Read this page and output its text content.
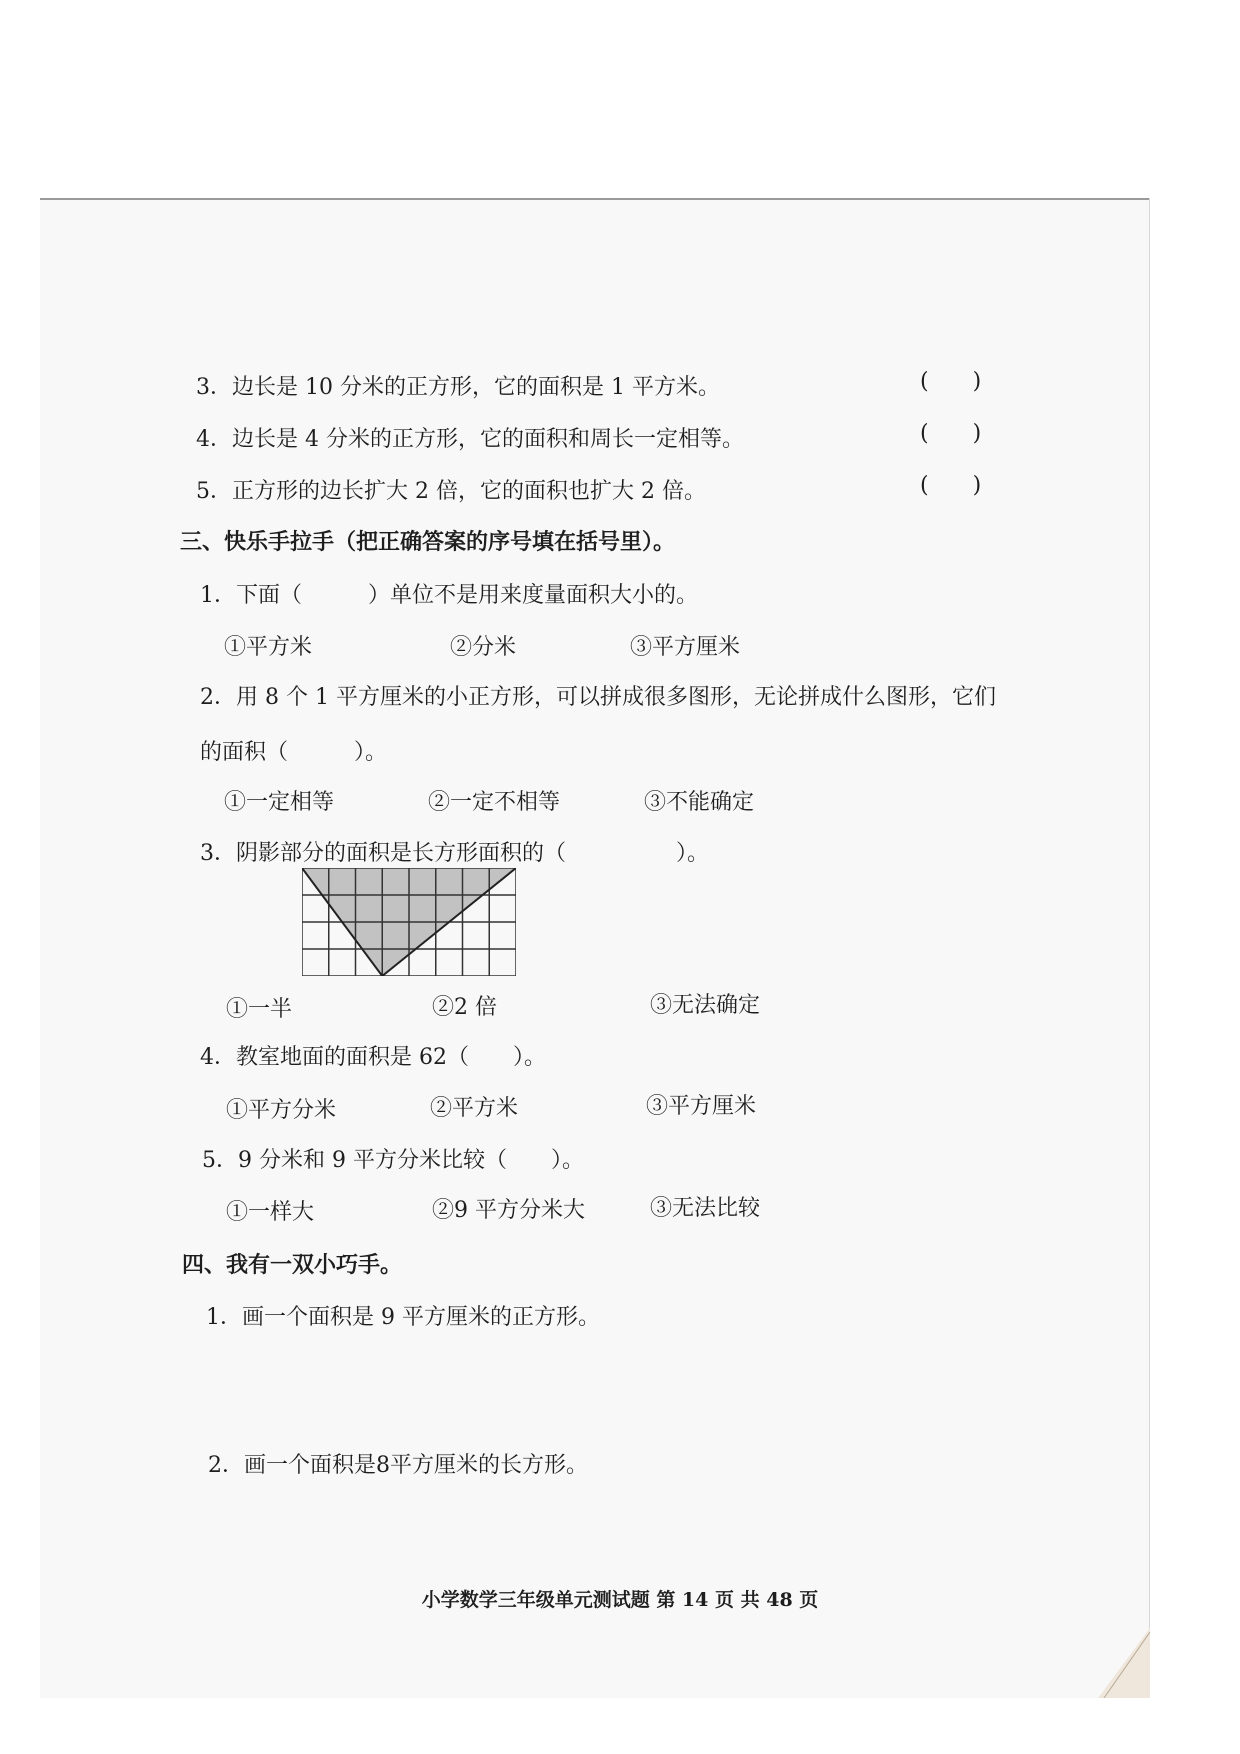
3．边长是 10 分米的正方形，它的面积是 1 平方米。	(　　)
4．边长是 4 分米的正方形，它的面积和周长一定相等。	(　　)
5．正方形的边长扩大 2 倍，它的面积也扩大 2 倍。	(　　)
三、快乐手拉手（把正确答案的序号填在括号里）。
1．下面（　　　）单位不是用来度量面积大小的。
①平方米	②分米	③平方厘米
2．用 8 个 1 平方厘米的小正方形，可以拼成很多图形，无论拼成什么图形，它们
的面积（　　　）。
①一定相等	②一定不相等	③不能确定
3．阴影部分的面积是长方形面积的（　　　　　）。
①一半	②2 倍	③无法确定
4．教室地面的面积是 62（　　）。
①平方分米	②平方米	③平方厘米
5．9 分米和 9 平方分米比较（　　）。
①一样大	②9 平方分米大	③无法比较
四、我有一双小巧手。
1．画一个面积是 9 平方厘米的正方形。
2．画一个面积是8平方厘米的长方形。
小学数学三年级单元测试题 第 14 页 共 48 页
